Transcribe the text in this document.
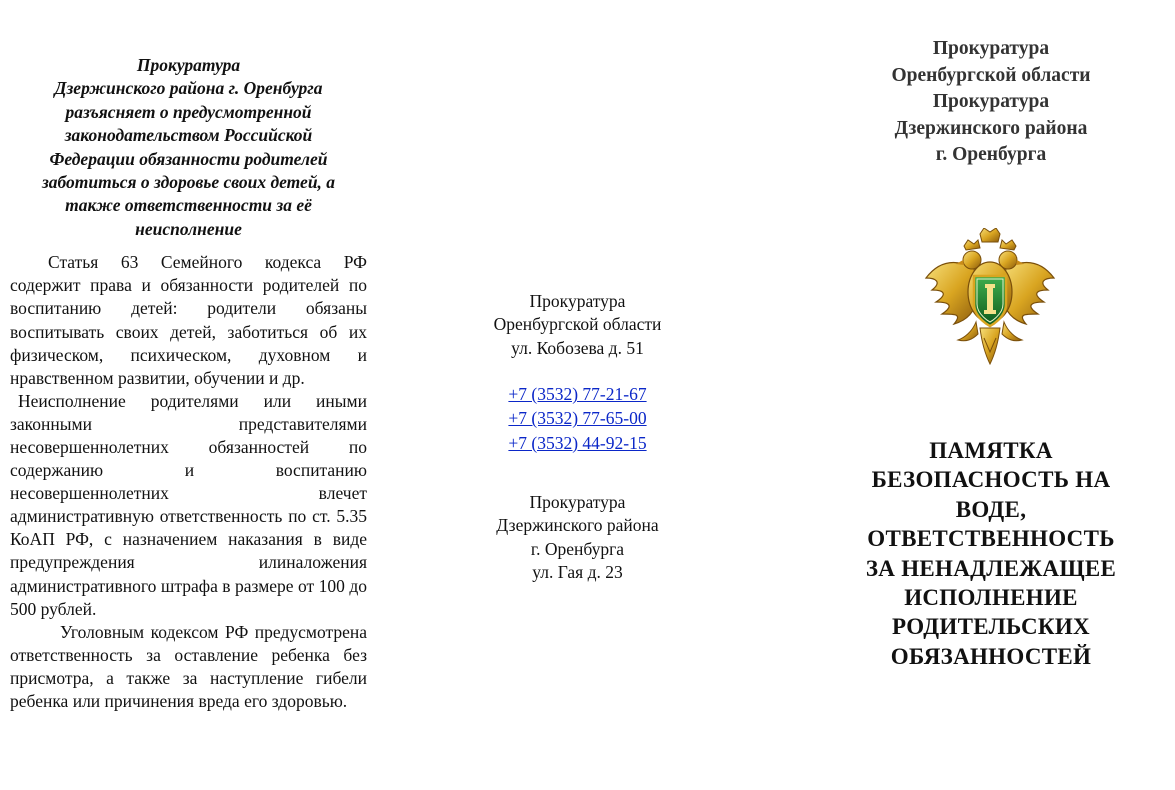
Прокуратура
Дзержинского района г. Оренбурга
разъясняет о предусмотренной
законодательством Российской
Федерации обязанности родителей
заботиться о здоровье своих детей, а
также ответственности за её
неисполнение

Статья 63 Семейного кодекса РФ содержит права и обязанности родителей по воспитанию детей: родители обязаны воспитывать своих детей, заботиться об их физическом, психическом, духовном и нравственном развитии, обучении и др.

Неисполнение родителями или иными законными представителями несовершеннолетних обязанностей по содержанию и воспитанию несовершеннолетних влечет административную ответственность по ст. 5.35 КоАП РФ, с назначением наказания в виде предупреждения илиналожения административного штрафа в размере от 100 до 500 рублей.

Уголовным кодексом РФ предусмотрена ответственность за оставление ребенка без присмотра, а также за наступление гибели ребенка или причинения вреда его здоровью.

Прокуратура
Оренбургской области
ул. Кобозева д. 51
+7 (3532) 77-21-67
+7 (3532) 77-65-00
+7 (3532) 44-92-15
Прокуратура
Дзержинского района
г. Оренбурга
ул. Гая д. 23
Прокуратура
Оренбургской области
Прокуратура
Дзержинского района
г. Оренбурга
ПАМЯТКА
БЕЗОПАСНОСТЬ НА
ВОДЕ,
ОТВЕТСТВЕННОСТЬ
ЗА НЕНАДЛЕЖАЩЕЕ
ИСПОЛНЕНИЕ
РОДИТЕЛЬСКИХ
ОБЯЗАННОСТЕЙ
